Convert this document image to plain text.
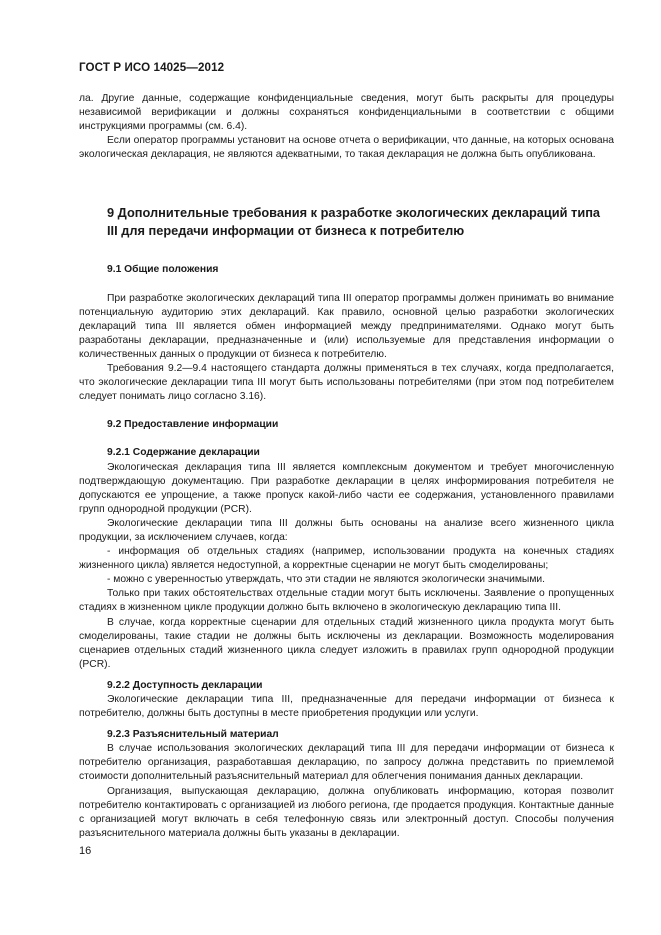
ГОСТ Р ИСО 14025—2012

ла. Другие данные, содержащие конфиденциальные сведения, могут быть раскрыты для процедуры независимой верификации и должны сохраняться конфиденциальными в соответствии с общими инструкциями программы (см. 6.4).

Если оператор программы установит на основе отчета о верификации, что данные, на которых основана экологическая декларация, не являются адекватными, то такая декларация не должна быть опубликована.

9 Дополнительные требования к разработке экологических деклараций типа III для передачи информации от бизнеса к потребителю
9.1 Общие положения

При разработке экологических деклараций типа III оператор программы должен принимать во внимание потенциальную аудиторию этих деклараций. Как правило, основной целью разработки экологических деклараций типа III является обмен информацией между предпринимателями. Однако могут быть разработаны декларации, предназначенные и (или) используемые для представления информации о количественных данных о продукции от бизнеса к потребителю.

Требования 9.2—9.4 настоящего стандарта должны применяться в тех случаях, когда предполагается, что экологические декларации типа III могут быть использованы потребителями (при этом под потребителем следует понимать лицо согласно 3.16).

9.2 Предоставление информации
9.2.1 Содержание декларации

Экологическая декларация типа III является комплексным документом и требует многочисленную подтверждающую документацию. При разработке декларации в целях информирования потребителя не допускаются ее упрощение, а также пропуск какой-либо части ее содержания, установленного правилами групп однородной продукции (PCR).

Экологические декларации типа III должны быть основаны на анализе всего жизненного цикла продукции, за исключением случаев, когда:

- информация об отдельных стадиях (например, использовании продукта на конечных стадиях жизненного цикла) является недоступной, а корректные сценарии не могут быть смоделированы;

- можно с уверенностью утверждать, что эти стадии не являются экологически значимыми.

Только при таких обстоятельствах отдельные стадии могут быть исключены. Заявление о пропущенных стадиях в жизненном цикле продукции должно быть включено в экологическую декларацию типа III.

В случае, когда корректные сценарии для отдельных стадий жизненного цикла продукта могут быть смоделированы, такие стадии не должны быть исключены из декларации. Возможность моделирования сценариев отдельных стадий жизненного цикла следует изложить в правилах групп однородной продукции (PCR).

9.2.2 Доступность декларации

Экологические декларации типа III, предназначенные для передачи информации от бизнеса к потребителю, должны быть доступны в месте приобретения продукции или услуги.

9.2.3 Разъяснительный материал

В случае использования экологических деклараций типа III для передачи информации от бизнеса к потребителю организация, разработавшая декларацию, по запросу должна представить по приемлемой стоимости дополнительный разъяснительный материал для облегчения понимания данных декларации.

Организация, выпускающая декларацию, должна опубликовать информацию, которая позволит потребителю контактировать с организацией из любого региона, где продается продукция. Контактные данные с организацией могут включать в себя телефонную связь или электронный доступ. Способы получения разъяснительного материала должны быть указаны в декларации.

16
